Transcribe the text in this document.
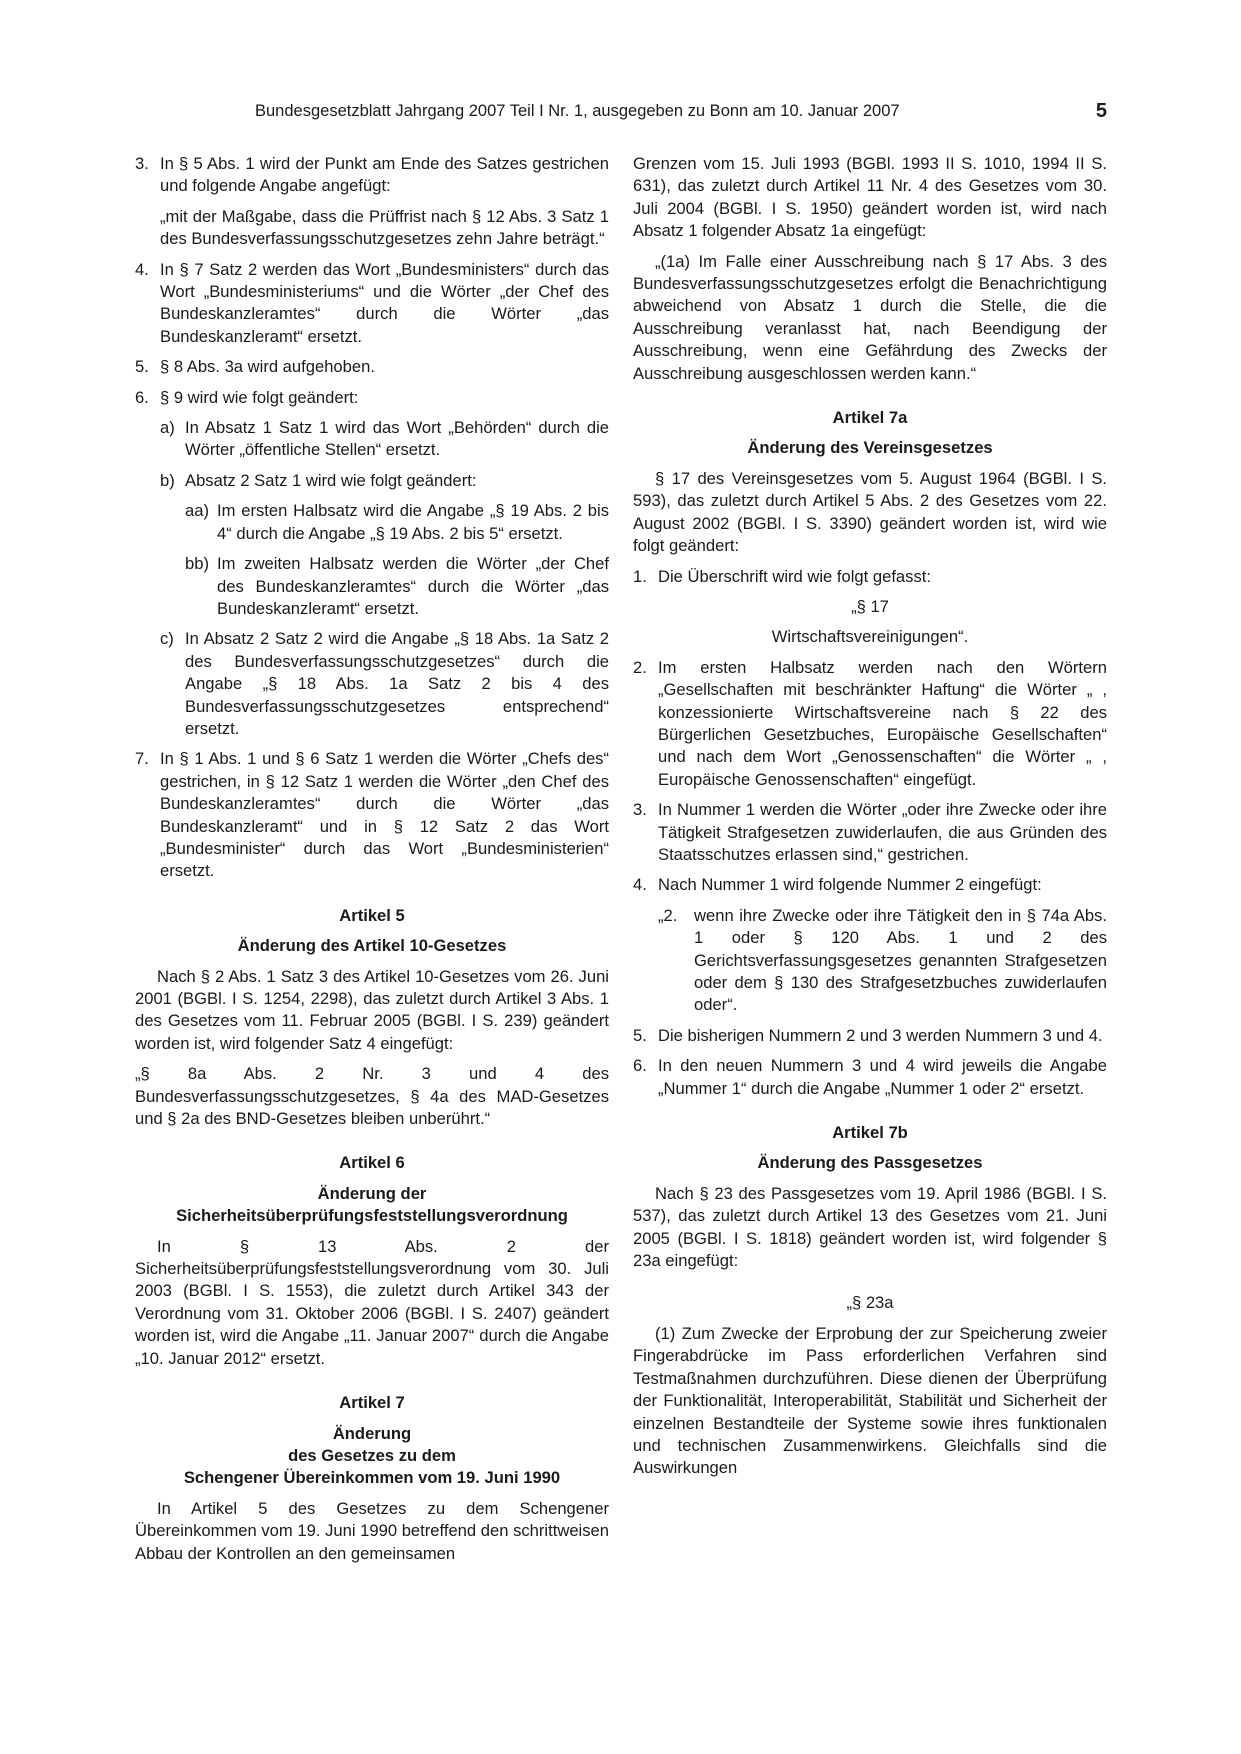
Bundesgesetzblatt Jahrgang 2007 Teil I Nr. 1, ausgegeben zu Bonn am 10. Januar 2007	5
3. In § 5 Abs. 1 wird der Punkt am Ende des Satzes gestrichen und folgende Angabe angefügt:

„mit der Maßgabe, dass die Prüffrist nach § 12 Abs. 3 Satz 1 des Bundesverfassungsschutzgesetzes zehn Jahre beträgt.“

4. In § 7 Satz 2 werden das Wort „Bundesministers“ durch das Wort „Bundesministeriums“ und die Wörter „der Chef des Bundeskanzleramtes“ durch die Wörter „das Bundeskanzleramt“ ersetzt.
5. § 8 Abs. 3a wird aufgehoben.
6. § 9 wird wie folgt geändert:
a) In Absatz 1 Satz 1 wird das Wort „Behörden“ durch die Wörter „öffentliche Stellen“ ersetzt.
b) Absatz 2 Satz 1 wird wie folgt geändert:
aa) Im ersten Halbsatz wird die Angabe „§ 19 Abs. 2 bis 4“ durch die Angabe „§ 19 Abs. 2 bis 5“ ersetzt.
bb) Im zweiten Halbsatz werden die Wörter „der Chef des Bundeskanzleramtes“ durch die Wörter „das Bundeskanzleramt“ ersetzt.
c) In Absatz 2 Satz 2 wird die Angabe „§ 18 Abs. 1a Satz 2 des Bundesverfassungsschutzgesetzes“ durch die Angabe „§ 18 Abs. 1a Satz 2 bis 4 des Bundesverfassungsschutzgesetzes entsprechend“ ersetzt.
7. In § 1 Abs. 1 und § 6 Satz 1 werden die Wörter „Chefs des“ gestrichen, in § 12 Satz 1 werden die Wörter „den Chef des Bundeskanzleramtes“ durch die Wörter „das Bundeskanzleramt“ und in § 12 Satz 2 das Wort „Bundesminister“ durch das Wort „Bundesministerien“ ersetzt.
Artikel 5
Änderung des Artikel 10-Gesetzes

Nach § 2 Abs. 1 Satz 3 des Artikel 10-Gesetzes vom 26. Juni 2001 (BGBl. I S. 1254, 2298), das zuletzt durch Artikel 3 Abs. 1 des Gesetzes vom 11. Februar 2005 (BGBl. I S. 239) geändert worden ist, wird folgender Satz 4 eingefügt:

„§ 8a Abs. 2 Nr. 3 und 4 des Bundesverfassungsschutzgesetzes, § 4a des MAD-Gesetzes und § 2a des BND-Gesetzes bleiben unberührt.“

Artikel 6
Änderung der
Sicherheitsüberprüfungsfeststellungsverordnung

In § 13 Abs. 2 der Sicherheitsüberprüfungsfeststellungsverordnung vom 30. Juli 2003 (BGBl. I S. 1553), die zuletzt durch Artikel 343 der Verordnung vom 31. Oktober 2006 (BGBl. I S. 2407) geändert worden ist, wird die Angabe „11. Januar 2007“ durch die Angabe „10. Januar 2012“ ersetzt.

Artikel 7
Änderung
des Gesetzes zu dem
Schengener Übereinkommen vom 19. Juni 1990

In Artikel 5 des Gesetzes zu dem Schengener Übereinkommen vom 19. Juni 1990 betreffend den schrittweisen Abbau der Kontrollen an den gemeinsamen

Grenzen vom 15. Juli 1993 (BGBl. 1993 II S. 1010, 1994 II S. 631), das zuletzt durch Artikel 11 Nr. 4 des Gesetzes vom 30. Juli 2004 (BGBl. I S. 1950) geändert worden ist, wird nach Absatz 1 folgender Absatz 1a eingefügt:

„(1a) Im Falle einer Ausschreibung nach § 17 Abs. 3 des Bundesverfassungsschutzgesetzes erfolgt die Benachrichtigung abweichend von Absatz 1 durch die Stelle, die die Ausschreibung veranlasst hat, nach Beendigung der Ausschreibung, wenn eine Gefährdung des Zwecks der Ausschreibung ausgeschlossen werden kann.“

Artikel 7a
Änderung des Vereinsgesetzes

§ 17 des Vereinsgesetzes vom 5. August 1964 (BGBl. I S. 593), das zuletzt durch Artikel 5 Abs. 2 des Gesetzes vom 22. August 2002 (BGBl. I S. 3390) geändert worden ist, wird wie folgt geändert:

1. Die Überschrift wird wie folgt gefasst:
„§ 17
Wirtschaftsvereinigungen“.
2. Im ersten Halbsatz werden nach den Wörtern „Gesellschaften mit beschränkter Haftung“ die Wörter „ , konzessionierte Wirtschaftsvereine nach § 22 des Bürgerlichen Gesetzbuches, Europäische Gesellschaften“ und nach dem Wort „Genossenschaften“ die Wörter „ , Europäische Genossenschaften“ eingefügt.
3. In Nummer 1 werden die Wörter „oder ihre Zwecke oder ihre Tätigkeit Strafgesetzen zuwiderlaufen, die aus Gründen des Staatsschutzes erlassen sind,“ gestrichen.
4. Nach Nummer 1 wird folgende Nummer 2 eingefügt:
„2.	wenn ihre Zwecke oder ihre Tätigkeit den in § 74a Abs. 1 oder § 120 Abs. 1 und 2 des Gerichtsverfassungsgesetzes genannten Strafgesetzen oder dem § 130 des Strafgesetzbuches zuwiderlaufen oder“.
5. Die bisherigen Nummern 2 und 3 werden Nummern 3 und 4.
6. In den neuen Nummern 3 und 4 wird jeweils die Angabe „Nummer 1“ durch die Angabe „Nummer 1 oder 2“ ersetzt.
Artikel 7b
Änderung des Passgesetzes

Nach § 23 des Passgesetzes vom 19. April 1986 (BGBl. I S. 537), das zuletzt durch Artikel 13 des Gesetzes vom 21. Juni 2005 (BGBl. I S. 1818) geändert worden ist, wird folgender § 23a eingefügt:

„§ 23a

(1) Zum Zwecke der Erprobung der zur Speicherung zweier Fingerabdrücke im Pass erforderlichen Verfahren sind Testmaßnahmen durchzuführen. Diese dienen der Überprüfung der Funktionalität, Interoperabilität, Stabilität und Sicherheit der einzelnen Bestandteile der Systeme sowie ihres funktionalen und technischen Zusammenwirkens. Gleichfalls sind die Auswirkungen
